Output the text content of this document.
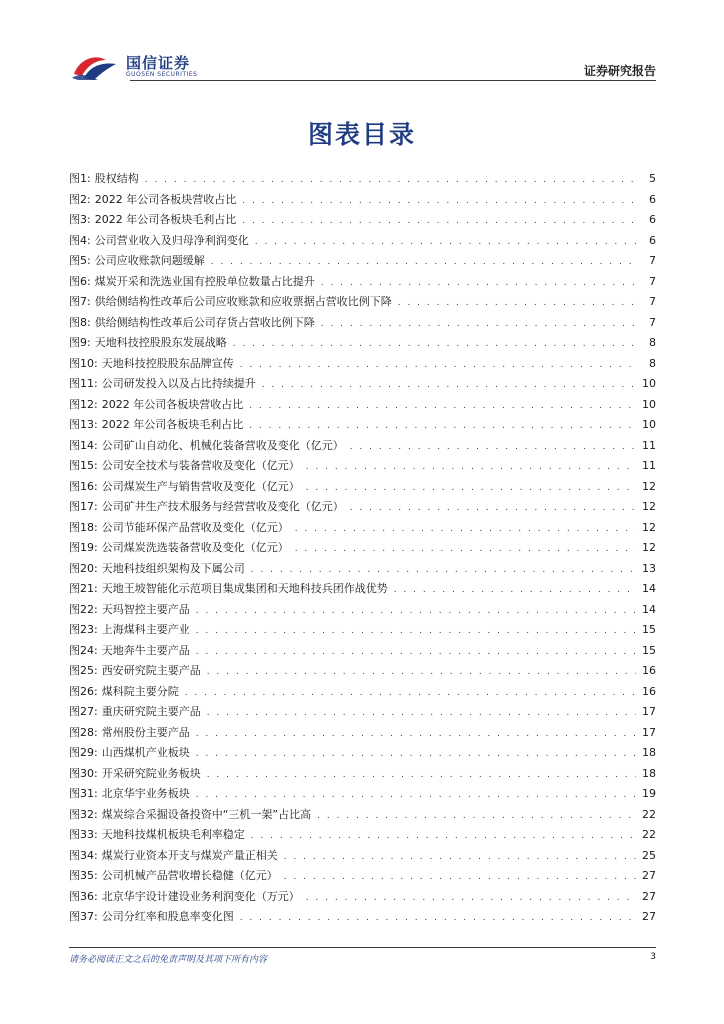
国信证券
GUOSEN SECURITIES	证券研究报告
图表目录
图1: 股权结构 . . .	5
图2: 2022 年公司各板块营收占比 . . .	6
图3: 2022 年公司各板块毛利占比 . . .	6
图4: 公司营业收入及归母净利润变化 . . .	6
图5: 公司应收账款问题缓解 . . .	7
图6: 煤炭开采和洗选业国有控股单位数量占比提升 . . .	7
图7: 供给侧结构性改革后公司应收账款和应收票据占营收比例下降 . . .	7
图8: 供给侧结构性改革后公司存货占营收比例下降 . . .	7
图9: 天地科技控股股东发展战略 . . .	8
图10: 天地科技控股股东品牌宣传 . . .	8
图11: 公司研发投入以及占比持续提升 . . .	10
图12: 2022 年公司各板块营收占比 . . .	10
图13: 2022 年公司各板块毛利占比 . . .	10
图14: 公司矿山自动化、机械化装备营收及变化（亿元） . . .	11
图15: 公司安全技术与装备营收及变化（亿元） . . .	11
图16: 公司煤炭生产与销售营收及变化（亿元） . . .	12
图17: 公司矿井生产技术服务与经营营收及变化（亿元） . . .	12
图18: 公司节能环保产品营收及变化（亿元） . . .	12
图19: 公司煤炭洗选装备营收及变化（亿元） . . .	12
图20: 天地科技组织架构及下属公司 . . .	13
图21: 天地王坡智能化示范项目集成集团和天地科技兵团作战优势 . . .	14
图22: 天玛智控主要产品 . . .	14
图23: 上海煤科主要产业 . . .	15
图24: 天地奔牛主要产品 . . .	15
图25: 西安研究院主要产品 . . .	16
图26: 煤科院主要分院 . . .	16
图27: 重庆研究院主要产品 . . .	17
图28: 常州股份主要产品 . . .	17
图29: 山西煤机产业板块 . . .	18
图30: 开采研究院业务板块 . . .	18
图31: 北京华宇业务板块 . . .	19
图32: 煤炭综合采掘设备投资中“三机一架”占比高 . . .	22
图33: 天地科技煤机板块毛利率稳定 . . .	22
图34: 煤炭行业资本开支与煤炭产量正相关 . . .	25
图35: 公司机械产品营收增长稳健（亿元） . . .	27
图36: 北京华宇设计建设业务利润变化（万元） . . .	27
图37: 公司分红率和股息率变化图 . . .	27
请务必阅读正文之后的免责声明及其项下所有内容	3
